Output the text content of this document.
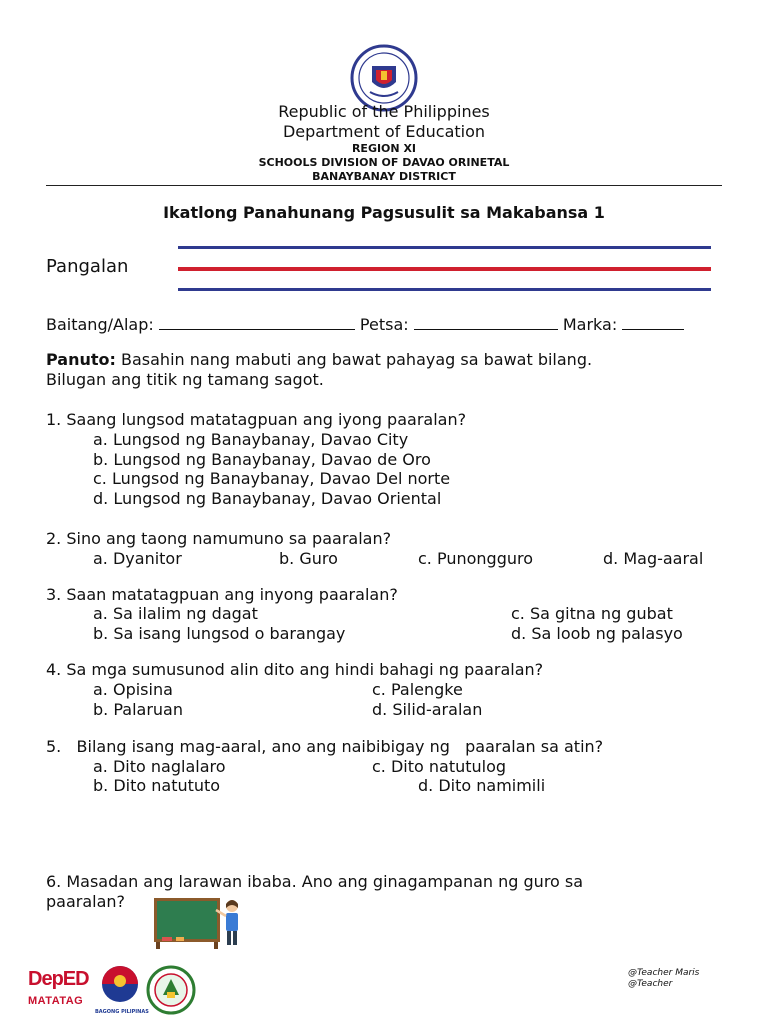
Republic of the Philippines
Department of Education
REGION XI
SCHOOLS DIVISION OF DAVAO ORINETAL
BANAYBANAY DISTRICT
Ikatlong Panahunang Pagsusulit sa Makabansa 1
Pangalan
Baitang/Alap:	Petsa:	Marka:
Panuto: Basahin nang mabuti ang bawat pahayag sa bawat bilang.
Bilugan ang titik ng tamang sagot.
1. Saang lungsod matatagpuan ang iyong paaralan?
a. Lungsod ng Banaybanay, Davao City
b. Lungsod ng Banaybanay, Davao de Oro
c. Lungsod ng Banaybanay, Davao Del norte
d. Lungsod ng Banaybanay, Davao Oriental
2. Sino ang taong namumuno sa paaralan?
a. Dyanitor	b. Guro	c. Punongguro	d. Mag-aaral
3. Saan matatagpuan ang inyong paaralan?
a. Sa ilalim ng dagat
b. Sa isang lungsod o barangay
c. Sa gitna ng gubat
d. Sa loob ng palasyo
4. Sa mga sumusunod alin dito ang hindi bahagi ng paaralan?
a. Opisina
b. Palaruan
c. Palengke
d. Silid-aralan
5.   Bilang isang mag-aaral, ano ang naibibigay ng   paaralan sa atin?
a. Dito naglalaro
b. Dito natututo
c. Dito natutulog
d. Dito namimili
6. Masadan ang larawan ibaba. Ano ang ginagampanan ng guro sa
paaralan?
DepED
MATATAG
BAGONG PILIPINAS
@Teacher Maris
@Teacher
